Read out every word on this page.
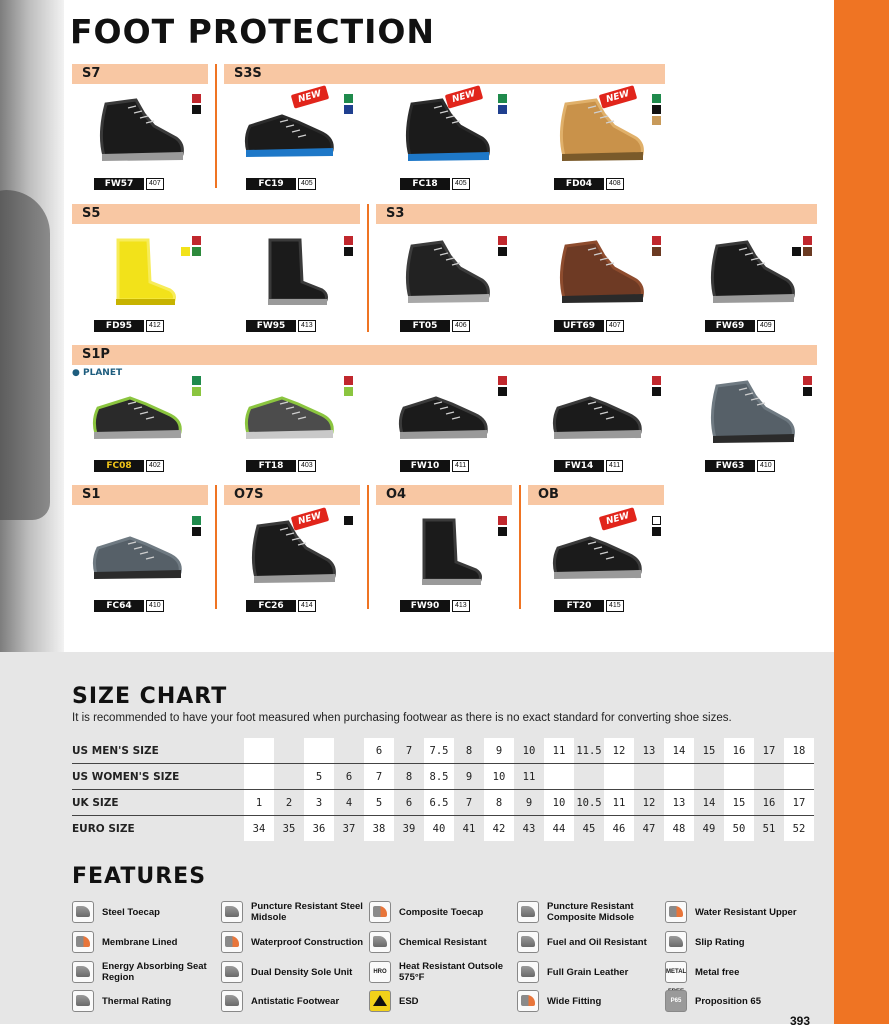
FOOT PROTECTION
S7	S3S
S5	S3
S1P
S1	O7S	O4	OB
FW57	407
NEW
FC19	405
NEW
FC18	405
NEW
FD04	408
FD95	412	FW95	413	FT05	406	UFT69	407	FW69	409
● PLANET
FC08	402	FT18	403	FW10	411	FW14	411	FW63	410
FC64	410
NEW
FC26	414	FW90	413
NEW
FT20	415
SIZE CHART
It is recommended to have your foot measured when purchasing footwear as there is no exact standard for converting shoe sizes.
US MEN'S SIZE					6	7	7.5	8	9	10	11	11.5	12	13	14	15	16	17	18
US WOMEN'S SIZE			5	6	7	8	8.5	9	10	11									
UK SIZE	1	2	3	4	5	6	6.5	7	8	9	10	10.5	11	12	13	14	15	16	17
EURO SIZE	34	35	36	37	38	39	40	41	42	43	44	45	46	47	48	49	50	51	52
FEATURES
Steel Toecap	Puncture Resistant Steel Midsole	Composite Toecap	Puncture Resistant Composite Midsole	Water Resistant Upper
Membrane Lined	Waterproof Construction	Chemical Resistant	Fuel and Oil Resistant	Slip Rating
Energy Absorbing Seat Region	Dual Density Sole Unit	HRO	Heat Resistant Outsole 575°F	Full Grain Leather	METAL Metal free
Thermal Rating	Antistatic Footwear	ESD	Wide Fitting	P65	Proposition 65
393
